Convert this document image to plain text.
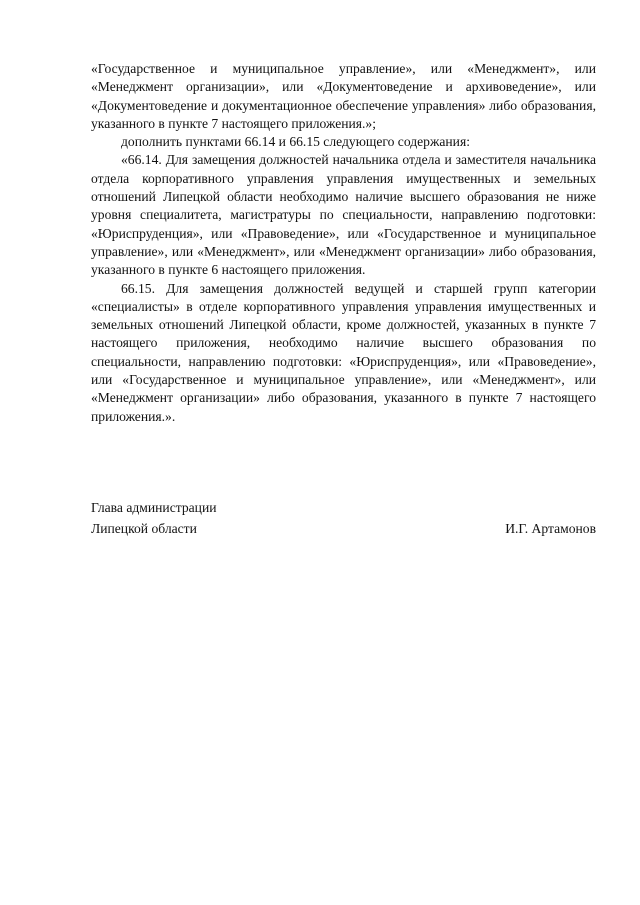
«Государственное и муниципальное управление», или «Менеджмент», или «Менеджмент организации», или «Документоведение и архивоведение», или «Документоведение и документационное обеспечение управления» либо образования, указанного в пункте 7 настоящего приложения.»;

дополнить пунктами 66.14 и 66.15 следующего содержания:

«66.14. Для замещения должностей начальника отдела и заместителя начальника отдела корпоративного управления управления имущественных и земельных отношений Липецкой области необходимо наличие высшего образования не ниже уровня специалитета, магистратуры по специальности, направлению подготовки: «Юриспруденция», или «Правоведение», или «Государственное и муниципальное управление», или «Менеджмент», или «Менеджмент организации» либо образования, указанного в пункте 6 настоящего приложения.

66.15. Для замещения должностей ведущей и старшей групп категории «специалисты» в отделе корпоративного управления управления имущественных и земельных отношений Липецкой области, кроме должностей, указанных в пункте 7 настоящего приложения, необходимо наличие высшего образования по специальности, направлению подготовки: «Юриспруденция», или «Правоведение», или «Государственное и муниципальное управление», или «Менеджмент», или «Менеджмент организации» либо образования, указанного в пункте 7 настоящего приложения.».

Глава администрации
Липецкой области	И.Г. Артамонов
